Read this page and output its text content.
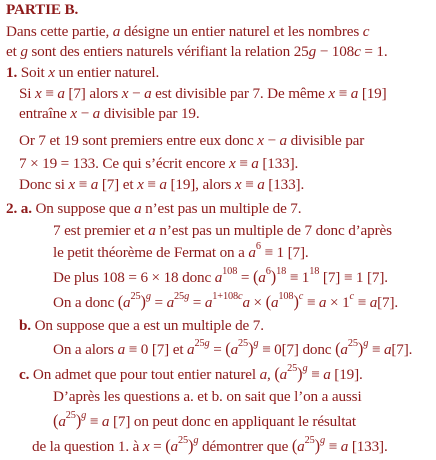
PARTIE B.
Dans cette partie, a désigne un entier naturel et les nombres c
et g sont des entiers naturels vérifiant la relation 25g − 108c = 1.
1. Soit x un entier naturel.
Si x ≡ a [7] alors x − a est divisible par 7. De même x ≡ a [19]
entraîne x − a divisible par 19.
Or 7 et 19 sont premiers entre eux donc x − a divisible par
7 × 19 = 133. Ce qui s’écrit encore x ≡ a [133].
Donc si x ≡ a [7] et x ≡ a [19], alors x ≡ a [133].
2. a. On suppose que a n’est pas un multiple de 7.
7 est premier et a n’est pas un multiple de 7 donc d’après
le petit théorème de Fermat on a $a^6 \equiv 1$ [7].
De plus 108 = 6 × 18 donc $a^{108} = (a^6)^{18} \equiv 1^{18}$ [7] ≡ 1 [7].
On a donc $(a^{25})^g = a^{25g} = a^{1+108c}a \times (a^{108})^c \equiv a \times 1^c \equiv a[7]$.
b. On suppose que a est un multiple de 7.
On a alors a ≡ 0 [7] et $a^{25g} = (a^{25})^g \equiv 0[7]$ donc $(a^{25})^g \equiv a[7]$.
c. On admet que pour tout entier naturel a, $(a^{25})^g \equiv a$ [19].
D’après les questions a. et b. on sait que l’on a aussi
$(a^{25})^g \equiv a$ [7] on peut donc en appliquant le résultat
de la question 1. à $x = (a^{25})^g$ démontrer que $(a^{25})^g \equiv a$ [133].
